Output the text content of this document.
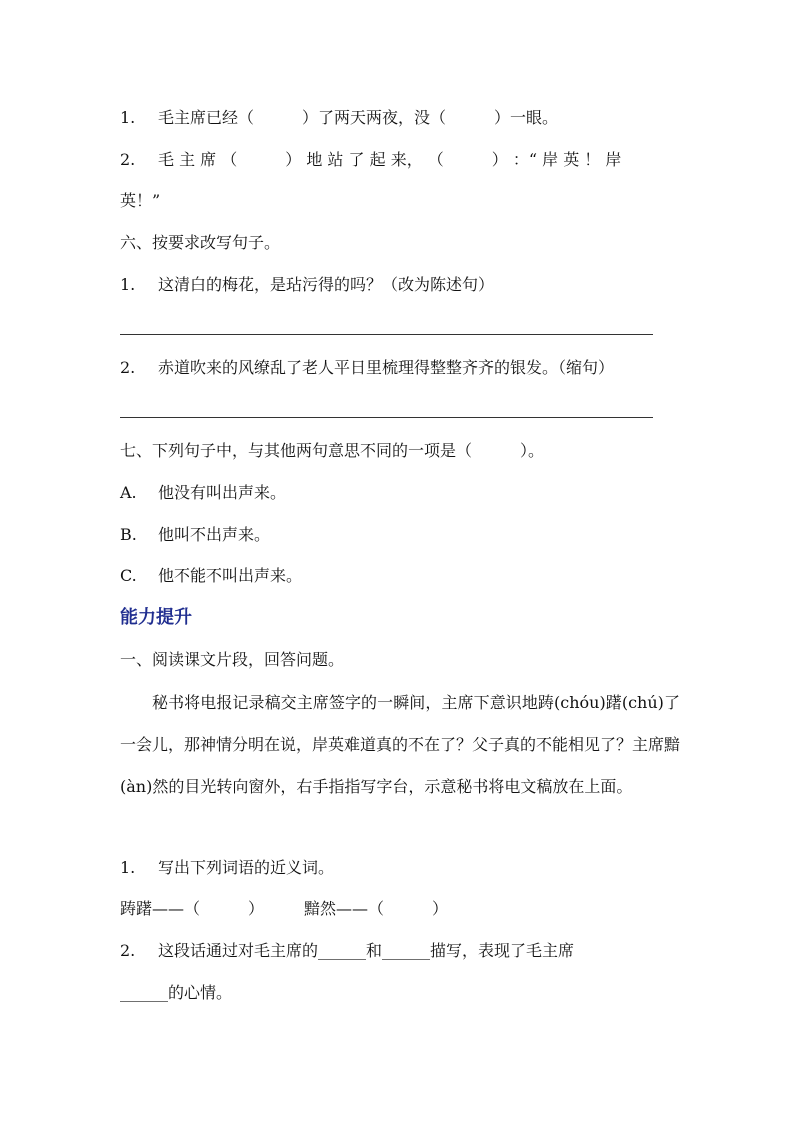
1. 毛主席已经（　　　）了两天两夜，没（　　　）一眼。
2. 毛 主 席 （　　　） 地 站 了 起 来， （　　　） ：“ 岸 英 ！ 岸
英！”
六、按要求改写句子。
1. 这清白的梅花，是玷污得的吗？（改为陈述句）
2. 赤道吹来的风缭乱了老人平日里梳理得整整齐齐的银发。（缩句）
七、下列句子中，与其他两句意思不同的一项是（　　　）。
A. 他没有叫出声来。
B. 他叫不出声来。
C. 他不能不叫出声来。
能力提升
一、阅读课文片段，回答问题。

秘书将电报记录稿交主席签字的一瞬间，主席下意识地踌(chóu)躇(chú)了一会儿，那神情分明在说，岸英难道真的不在了？父子真的不能相见了？主席黯(àn)然的目光转向窗外，右手指指写字台，示意秘书将电文稿放在上面。

1. 写出下列词语的近义词。
踌躇——（　　　）	黯然——（　　　）
2. 这段话通过对毛主席的______和______描写，表现了毛主席
______的心情。
